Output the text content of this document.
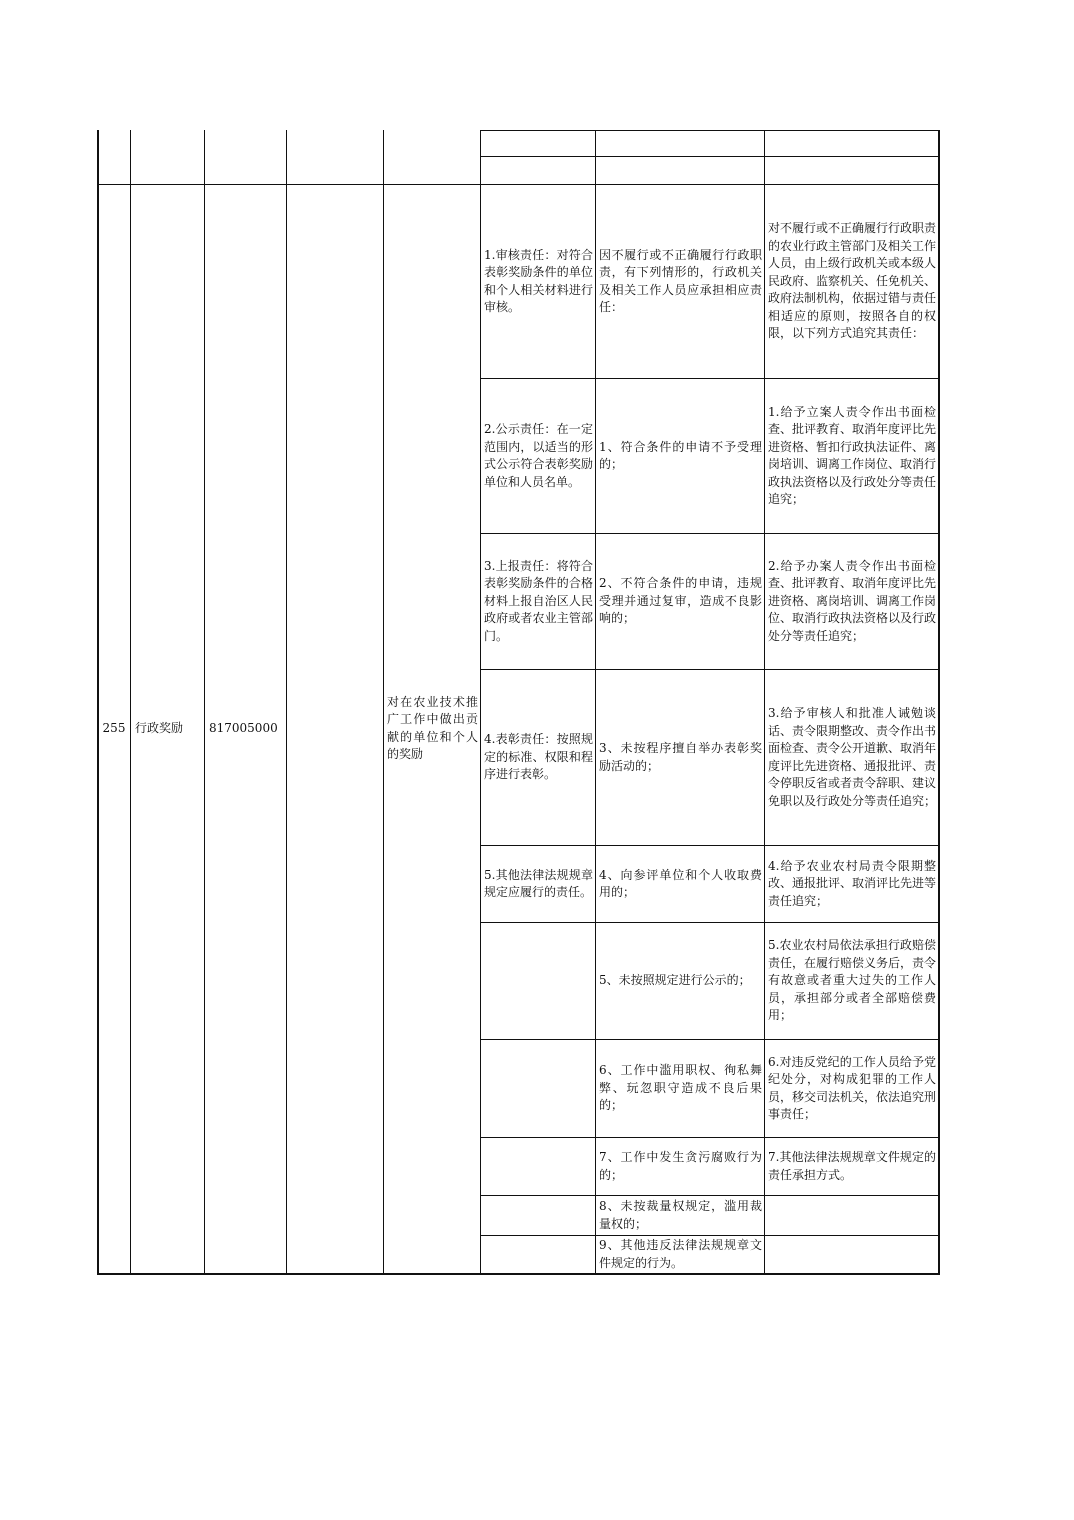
255 行政奖励	817005000
对在农业技术推广工作中做出贡献的单位和个人的奖励
1.审核责任：对符合表彰奖励条件的单位和个人相关材料进行审核。
2.公示责任：在一定范围内，以适当的形式公示符合表彰奖励单位和人员名单。
3.上报责任：将符合表彰奖励条件的合格材料上报自治区人民政府或者农业主管部门。
4.表彰责任：按照规定的标准、权限和程序进行表彰。
5.其他法律法规规章规定应履行的责任。
因不履行或不正确履行行政职责，有下列情形的，行政机关及相关工作人员应承担相应责任：
1、符合条件的申请不予受理的；
2、不符合条件的申请，违规受理并通过复审，造成不良影响的；
3、未按程序擅自举办表彰奖励活动的；
4、向参评单位和个人收取费用的；
5、未按照规定进行公示的；
6、工作中滥用职权、徇私舞弊、玩忽职守造成不良后果的；
7、工作中发生贪污腐败行为的；
8、未按裁量权规定，滥用裁量权的；
9、其他违反法律法规规章文件规定的行为。
对不履行或不正确履行行政职责的农业行政主管部门及相关工作人员，由上级行政机关或本级人民政府、监察机关、任免机关、政府法制机构，依据过错与责任相适应的原则，按照各自的权限，以下列方式追究其责任：
1.给予立案人责令作出书面检查、批评教育、取消年度评比先进资格、暂扣行政执法证件、离岗培训、调离工作岗位、取消行政执法资格以及行政处分等责任追究；
2.给予办案人责令作出书面检查、批评教育、取消年度评比先进资格、离岗培训、调离工作岗位、取消行政执法资格以及行政处分等责任追究；
3.给予审核人和批准人诫勉谈话、责令限期整改、责令作出书面检查、责令公开道歉、取消年度评比先进资格、通报批评、责令停职反省或者责令辞职、建议免职以及行政处分等责任追究；
4.给予农业农村局责令限期整改、通报批评、取消评比先进等责任追究；
5.农业农村局依法承担行政赔偿责任，在履行赔偿义务后，责令有故意或者重大过失的工作人员，承担部分或者全部赔偿费用；
6.对违反党纪的工作人员给予党纪处分，对构成犯罪的工作人员，移交司法机关，依法追究刑事责任；
7.其他法律法规规章文件规定的责任承担方式。
